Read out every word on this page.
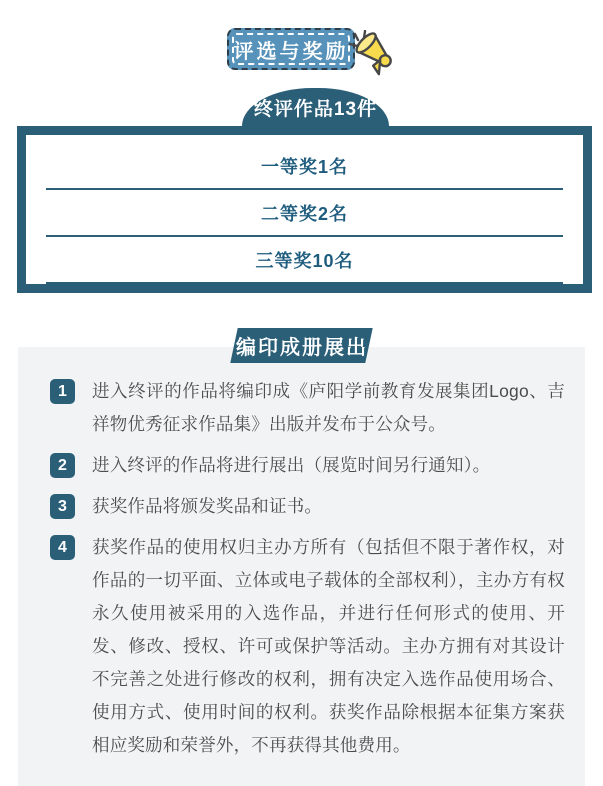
评选与奖励
终评作品13件
一等奖1名
二等奖2名
三等奖10名
编印成册展出
1	进入终评的作品将编印成《庐阳学前教育发展集团Logo、吉祥物优秀征求作品集》出版并发布于公众号。

2	进入终评的作品将进行展出（展览时间另行通知）。

3	获奖作品将颁发奖品和证书。

4	获奖作品的使用权归主办方所有（包括但不限于著作权，对作品的一切平面、立体或电子载体的全部权利），主办方有权永久使用被采用的入选作品，并进行任何形式的使用、开发、修改、授权、许可或保护等活动。主办方拥有对其设计不完善之处进行修改的权利，拥有决定入选作品使用场合、使用方式、使用时间的权利。获奖作品除根据本征集方案获相应奖励和荣誉外，不再获得其他费用。
